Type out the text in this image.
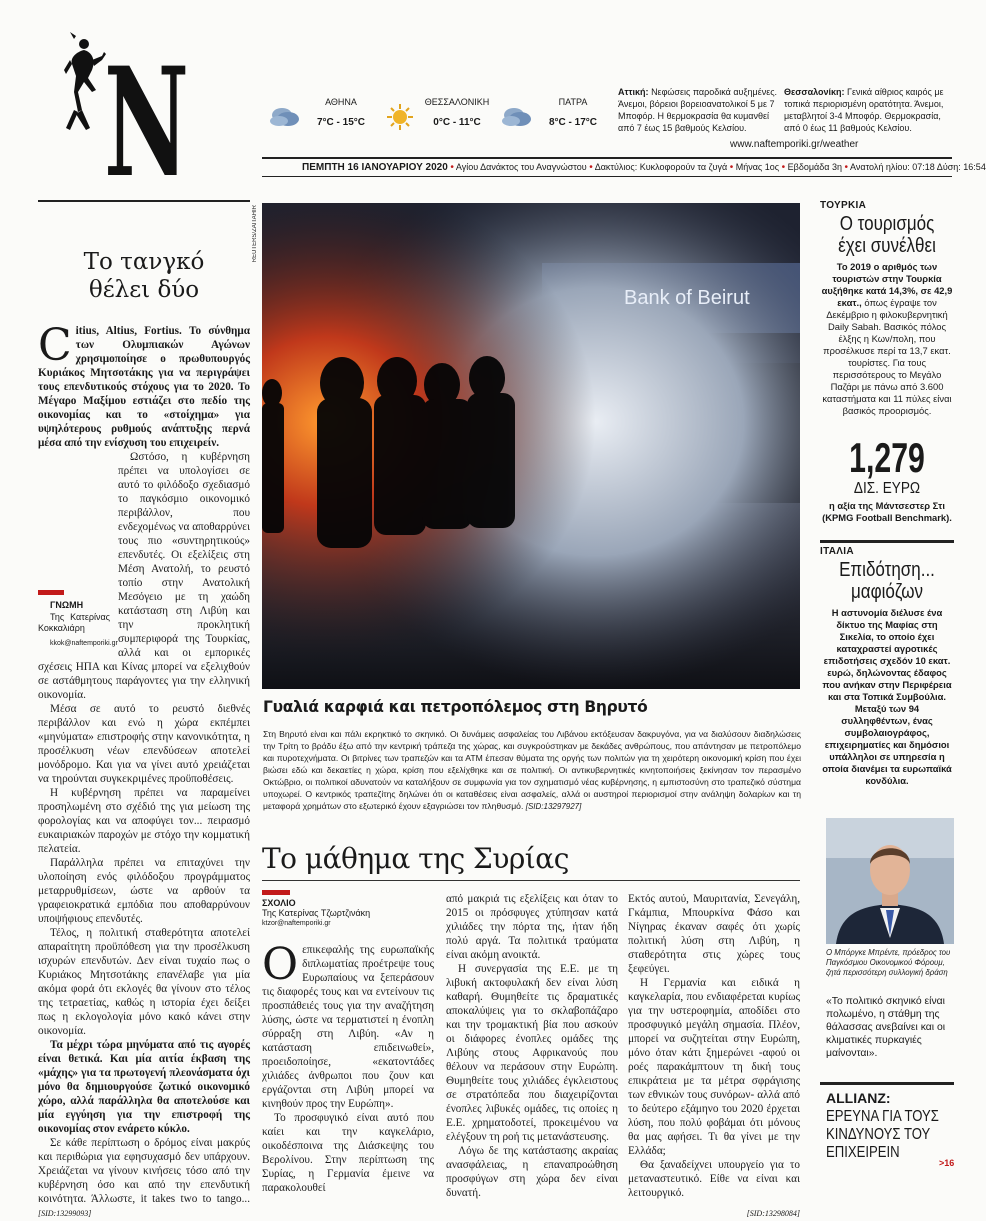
N	ΑΘΗΝΑ
7°C - 15°C
ΘΕΣΣΑΛΟΝΙΚΗ
0°C - 11°C
ΠΑΤΡΑ
8°C - 17°C
Αττική: Νεφώσεις παροδικά αυξημένες. Άνεμοι, βόρειοι βορειοανατολικοί 5 με 7 Μποφόρ. Η θερμοκρασία θα κυμανθεί από 7 έως 15 βαθμούς Κελσίου.
Θεσσαλονίκη: Γενικά αίθριος καιρός με τοπικά περιορισμένη ορατότητα. Άνεμοι, μεταβλητοί 3-4 Μποφόρ. Θερμοκρασία, από 0 έως 11 βαθμούς Κελσίου.
www.naftemporiki.gr/weather
ΠΕΜΠΤΗ 16 ΙΑΝΟΥΑΡΙΟΥ 2020 • Αγίου Δανάκτος του Αναγνώστου • Δακτύλιος: Κυκλοφορούν τα ζυγά • Μήνας 1ος • Εβδομάδα 3η • Ανατολή ηλίου: 07:18 Δύση: 16:54
Το τανγκό
θέλει δύο

Citius, Altius, Fortius. Το σύνθημα των Ολυμπιακών Αγώνων χρησιμοποίησε ο πρωθυπουργός Κυριάκος Μητσοτάκης για να περιγράψει τους επενδυτικούς στόχους για το 2020. Το Μέγαρο Μαξίμου εστιάζει στο πεδίο της οικονομίας και το «στοίχημα» για υψηλότερους ρυθμούς ανάπτυξης περνά μέσα από την ενίσχυση του επιχειρείν.

ΓΝΩΜΗ
Της Κατερίνας Κοκκαλιάρη
kkok@naftemporiki.gr
Ωστόσο, η κυβέρνηση πρέπει να υπολογίσει σε αυτό το φιλόδοξο σχεδιασμό το παγκόσμιο οικονομικό περιβάλλον, που ενδεχομένως να αποθαρρύνει τους πιο «συντηρητικούς» επενδυτές. Οι εξελίξεις στη Μέση Ανατολή, το ρευστό τοπίο στην Ανατολική Μεσόγειο με τη χαώδη κατάσταση στη Λιβύη και την προκλητική συμπεριφορά της Τουρκίας, αλλά και οι εμπορικές σχέσεις ΗΠΑ και Κίνας μπορεί να εξελιχθούν σε αστάθμητους παράγοντες για την ελληνική οικονομία.

Μέσα σε αυτό το ρευστό διεθνές περιβάλλον και ενώ η χώρα εκπέμπει «μηνύματα» επιστροφής στην κανονικότητα, η προσέλκυση νέων επενδύσεων αποτελεί μονόδρομο. Και για να γίνει αυτό χρειάζεται να τηρούνται συγκεκριμένες προϋποθέσεις.

Η κυβέρνηση πρέπει να παραμείνει προσηλωμένη στο σχέδιό της για μείωση της φορολογίας και να αποφύγει τον... πειρασμό ευκαιριακών παροχών με στόχο την κομματική πελατεία.

Παράλληλα πρέπει να επιταχύνει την υλοποίηση ενός φιλόδοξου προγράμματος μεταρρυθμίσεων, ώστε να αρθούν τα γραφειοκρατικά εμπόδια που αποθαρρύνουν υποψήφιους επενδυτές.

Τέλος, η πολιτική σταθερότητα αποτελεί απαραίτητη προϋπόθεση για την προσέλκυση ισχυρών επενδυτών. Δεν είναι τυχαίο πως ο Κυριάκος Μητσοτάκης επανέλαβε για μία ακόμα φορά ότι εκλογές θα γίνουν στο τέλος της τετραετίας, καθώς η ιστορία έχει δείξει πως η εκλογολογία μόνο κακό κάνει στην οικονομία.

Τα μέχρι τώρα μηνύματα από τις αγορές είναι θετικά. Και μία αιτία έκβαση της «μάχης» για τα πρωτογενή πλεονάσματα όχι μόνο θα δημιουργούσε ζωτικό οικονομικό χώρο, αλλά παράλληλα θα αποτελούσε και μία εγγύηση για την επιστροφή της οικονομίας στον ενάρετο κύκλο.

Σε κάθε περίπτωση ο δρόμος είναι μακρύς και περιθώρια για εφησυχασμό δεν υπάρχουν. Χρειάζεται να γίνουν κινήσεις τόσο από την κυβέρνηση όσο και από την επενδυτική κοινότητα. Άλλωστε, it takes two to tango... [SID:13299093]

REUTERS/ZAITAHIR
Bank of Beirut
Γυαλιά καρφιά και πετροπόλεμος στη Βηρυτό
Στη Βηρυτό είναι και πάλι εκρηκτικό το σκηνικό. Οι δυνάμεις ασφαλείας του Λιβάνου εκτόξευσαν δακρυγόνα, για να διαλύσουν διαδηλώσεις την Τρίτη το βράδυ έξω από την κεντρική τράπεζα της χώρας, και συγκρούστηκαν με δεκάδες ανθρώπους, που απάντησαν με πετροπόλεμο και πυροτεχνήματα. Οι βιτρίνες των τραπεζών και τα ΑΤΜ έπεσαν θύματα της οργής των πολιτών για τη χειρότερη οικονομική κρίση που έχει βιώσει εδώ και δεκαετίες η χώρα, κρίση που εξελίχθηκε και σε πολιτική. Οι αντικυβερνητικές κινητοποιήσεις ξεκίνησαν τον περασμένο Οκτώβριο, οι πολιτικοί αδυνατούν να καταλήξουν σε συμφωνία για τον σχηματισμό νέας κυβέρνησης, η εμπιστοσύνη στο τραπεζικό σύστημα υποχωρεί. Ο κεντρικός τραπεζίτης δηλώνει ότι οι καταθέσεις είναι ασφαλείς, αλλά οι αυστηροί περιορισμοί στην ανάληψη δολαρίων και τη μεταφορά χρημάτων στο εξωτερικό έχουν εξαγριώσει τον πληθυσμό. [SID:13297927]
Το μάθημα της Συρίας
ΣΧΟΛΙΟ
Της Κατερίνας Τζωρτζινάκη
ktzor@naftemporiki.gr

Οεπικεφαλής της ευρωπαϊκής διπλωματίας προέτρεψε τους Ευρωπαίους να ξεπεράσουν τις διαφορές τους και να εντείνουν τις προσπάθειές τους για την αναζήτηση λύσης, ώστε να τερματιστεί η ένοπλη σύρραξη στη Λιβύη. «Αν η κατάσταση επιδεινωθεί», προειδοποίησε, «εκατοντάδες χιλιάδες άνθρωποι που ζουν και εργάζονται στη Λιβύη μπορεί να κινηθούν προς την Ευρώπη».

Το προσφυγικό είναι αυτό που καίει και την καγκελάριο, οικοδέσποινα της Διάσκεψης του Βερολίνου. Στην περίπτωση της Συρίας, η Γερμανία έμεινε να παρακολουθεί

από μακριά τις εξελίξεις και όταν το 2015 οι πρόσφυγες χτύπησαν κατά χιλιάδες την πόρτα της, ήταν ήδη πολύ αργά. Τα πολιτικά τραύματα είναι ακόμη ανοικτά.

Η συνεργασία της Ε.Ε. με τη λιβυκή ακτοφυλακή δεν είναι λύση καθαρή. Θυμηθείτε τις δραματικές αποκαλύψεις για το σκλαβοπάζαρο και την τρομακτική βία που ασκούν οι διάφορες ένοπλες ομάδες της Λιβύης στους Αφρικανούς που θέλουν να περάσουν στην Ευρώπη. Θυμηθείτε τους χιλιάδες έγκλειστους σε στρατόπεδα που διαχειρίζονται ένοπλες λιβυκές ομάδες, τις οποίες η Ε.Ε. χρηματοδοτεί, προκειμένου να ελέγξουν τη ροή τις μετανάστευσης.

Λόγω δε της κατάστασης ακραίας ανασφάλειας, η επαναπροώθηση προσφύγων στη χώρα δεν είναι δυνατή.

Εκτός αυτού, Μαυριτανία, Σενεγάλη, Γκάμπια, Μπουρκίνα Φάσο και Νίγηρας έκαναν σαφές ότι χωρίς πολιτική λύση στη Λιβύη, η σταθερότητα στις χώρες τους ξεφεύγει.

Η Γερμανία και ειδικά η καγκελαρία, που ενδιαφέρεται κυρίως για την υστεροφημία, αποδίδει στο προσφυγικό μεγάλη σημασία. Πλέον, μπορεί να συζητείται στην Ευρώπη, μόνο όταν κάτι ξημερώνει -αφού οι ροές παρακάμπτουν τη δική τους επικράτεια με τα μέτρα σφράγισης των εθνικών τους συνόρων- αλλά από το δεύτερο εξάμηνο του 2020 έρχεται λύση, που πολύ φοβάμαι ότι μόνους θα μας αφήσει. Τι θα γίνει με την Ελλάδα;

Θα ξαναδείχνει υπουργείο για το μεταναστευτικό. Είθε να είναι και λειτουργικό.

[SID:13298084]

ΤΟΥΡΚΙΑ
Ο τουρισμός έχει συνέλθει
Το 2019 ο αριθμός των τουριστών στην Τουρκία αυξήθηκε κατά 14,3%, σε 42,9 εκατ., όπως έγραψε τον Δεκέμβριο η φιλοκυβερνητική Daily Sabah. Βασικός πόλος έλξης η Κων/πολη, που προσέλκυσε περί τα 13,7 εκατ. τουρίστες. Για τους περισσότερους το Μεγάλο Παζάρι με πάνω από 3.600 καταστήματα και 11 πύλες είναι βασικός προορισμός.
1,279
ΔΙΣ. ΕΥΡΩ
η αξία της Μάντσεστερ Στι (KPMG Football Benchmark).
ΙΤΑΛΙΑ
Επιδότηση... μαφιόζων
Η αστυνομία διέλυσε ένα δίκτυο της Μαφίας στη Σικελία, το οποίο έχει καταχραστεί αγροτικές επιδοτήσεις σχεδόν 10 εκατ. ευρώ, δηλώνοντας έδαφος που ανήκαν στην Περιφέρεια και στα Τοπικά Συμβούλια. Μεταξύ των 94 συλληφθέντων, ένας συμβολαιογράφος, επιχειρηματίες και δημόσιοι υπάλληλοι σε υπηρεσία η οποία διανέμει τα ευρωπαϊκά κονδύλια.
Ο Μπόργκε Μπρέντε, πρόεδρος του Παγκόσμιου Οικονομικού Φόρουμ, ζητά περισσότερη συλλογική δράση
«Το πολιτικό σκηνικό είναι πολωμένο, η στάθμη της θάλασσας ανεβαίνει και οι κλιματικές πυρκαγιές μαίνονται».
ALLIANZ:
ΕΡΕΥΝΑ ΓΙΑ ΤΟΥΣ ΚΙΝΔΥΝΟΥΣ ΤΟΥ ΕΠΙΧΕΙΡΕΙΝ
>16
